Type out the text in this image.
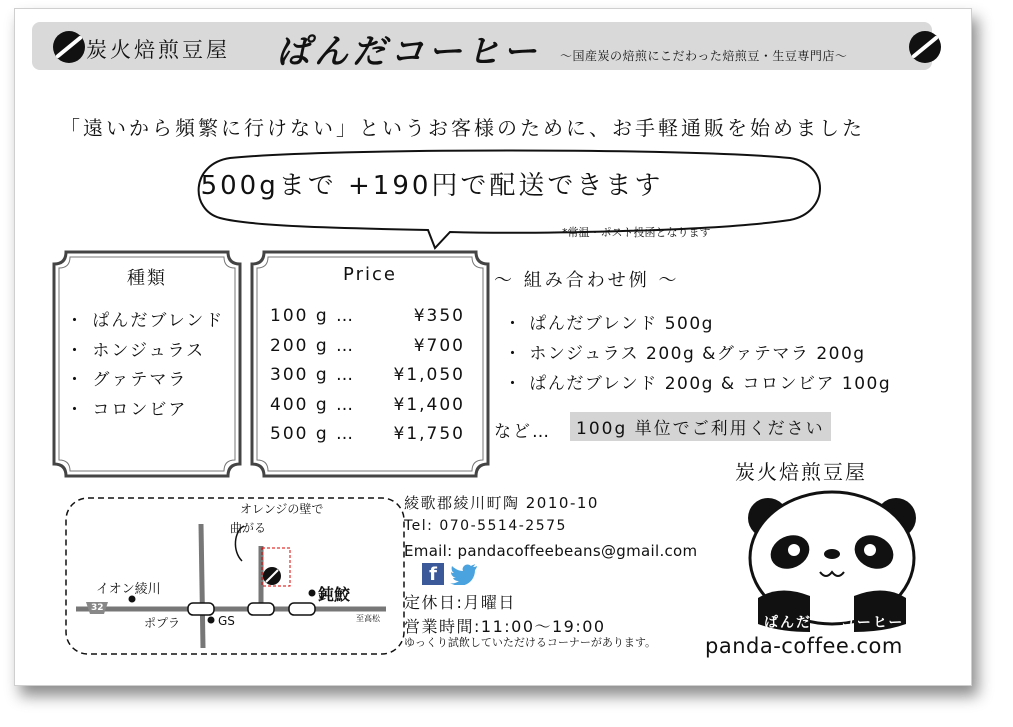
炭火焙煎豆屋 ぱんだコーヒー 〜国産炭の焙煎にこだわった焙煎豆・生豆専門店〜
「遠いから頻繁に行けない」というお客様のために、お手軽通販を始めました
500gまで +190円で配送できます
*常温・ポスト投函となります
種類
・ ぱんだブレンド
・ ホンジュラス
・ グァテマラ
・ コロンビア
Price
100 g …	¥350
200 g …	¥700
300 g …	¥1,050
400 g …	¥1,400
500 g …	¥1,750
〜 組み合わせ例 〜
・ ぱんだブレンド 500g
・ ホンジュラス 200g &グァテマラ 200g
・ ぱんだブレンド 200g & コロンビア 100g
など…	100g 単位でご利用ください
オレンジの壁で
曲がる
イオン綾川
32
ポプラ	GS
鈍鮫
至高松
綾歌郡綾川町陶 2010-10
Tel: 070-5514-2575
Email: pandacoffeebeans@gmail.com
f
定休日:月曜日
営業時間:11:00〜19:00
ゆっくり試飲していただけるコーナーがあります。 panda-coffee.com
炭火焙煎豆屋
ぱんだ コーヒー
